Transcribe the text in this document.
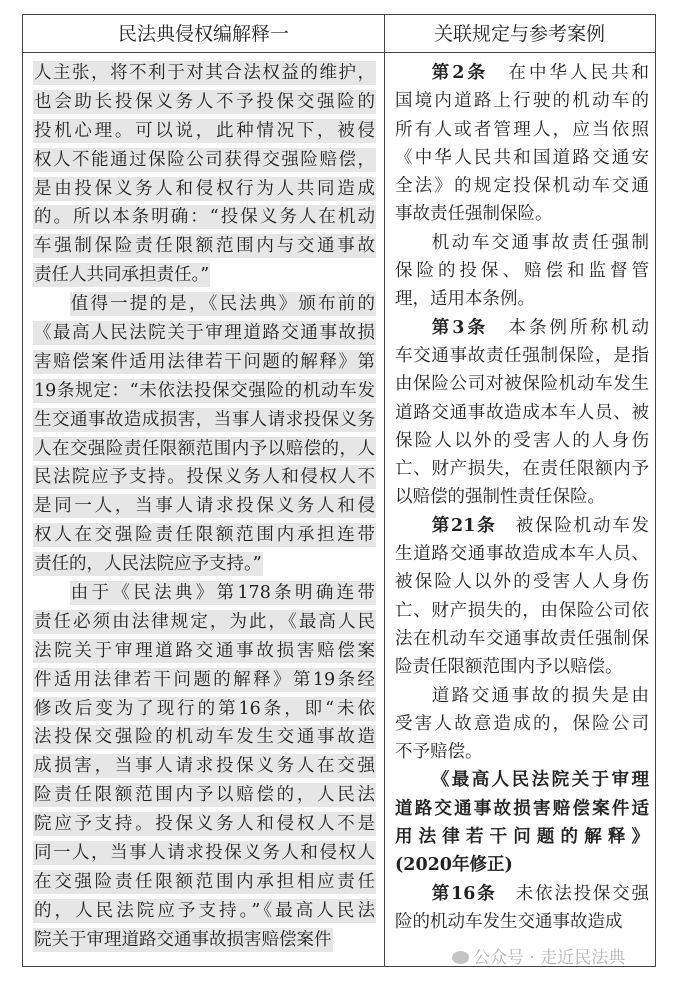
民法典侵权编解释一	关联规定与参考案例
人主张，将不利于对其合法权益的维护，
也会助长投保义务人不予投保交强险的
投机心理。可以说，此种情况下，被侵
权人不能通过保险公司获得交强险赔偿，
是由投保义务人和侵权行为人共同造成
的。所以本条明确：“投保义务人在机动
车强制保险责任限额范围内与交通事故
责任人共同承担责任。”
值得一提的是，《民法典》颁布前的
《最高人民法院关于审理道路交通事故损
害赔偿案件适用法律若干问题的解释》第
19条规定：“未依法投保交强险的机动车发
生交通事故造成损害，当事人请求投保义务
人在交强险责任限额范围内予以赔偿的，人
民法院应予支持。投保义务人和侵权人不
是同一人，当事人请求投保义务人和侵
权人在交强险责任限额范围内承担连带
责任的，人民法院应予支持。”
由于《民法典》第178条明确连带
责任必须由法律规定，为此，《最高人民
法院关于审理道路交通事故损害赔偿案
件适用法律若干问题的解释》第19条经
修改后变为了现行的第16条，即“未依
法投保交强险的机动车发生交通事故造
成损害，当事人请求投保义务人在交强
险责任限额范围内予以赔偿的，人民法
院应予支持。投保义务人和侵权人不是
同一人，当事人请求投保义务人和侵权人
在交强险责任限额范围内承担相应责任
的，人民法院应予支持。”《最高人民法
院关于审理道路交通事故损害赔偿案件
第2条　在中华人民共和
国境内道路上行驶的机动车的
所有人或者管理人，应当依照
《中华人民共和国道路交通安
全法》的规定投保机动车交通
事故责任强制保险。
机动车交通事故责任强制
保险的投保、赔偿和监督管
理，适用本条例。
第3条　本条例所称机动
车交通事故责任强制保险，是指
由保险公司对被保险机动车发生
道路交通事故造成本车人员、被
保险人以外的受害人的人身伤
亡、财产损失，在责任限额内予
以赔偿的强制性责任保险。
第21条　被保险机动车发
生道路交通事故造成本车人员、
被保险人以外的受害人人身伤
亡、财产损失的，由保险公司依
法在机动车交通事故责任强制保
险责任限额范围内予以赔偿。
道路交通事故的损失是由
受害人故意造成的，保险公司
不予赔偿。
《最高人民法院关于审理
道路交通事故损害赔偿案件适
用法律若干问题的解释》
(2020年修正)
第16条　未依法投保交强
险的机动车发生交通事故造成
公众号 · 走近民法典
